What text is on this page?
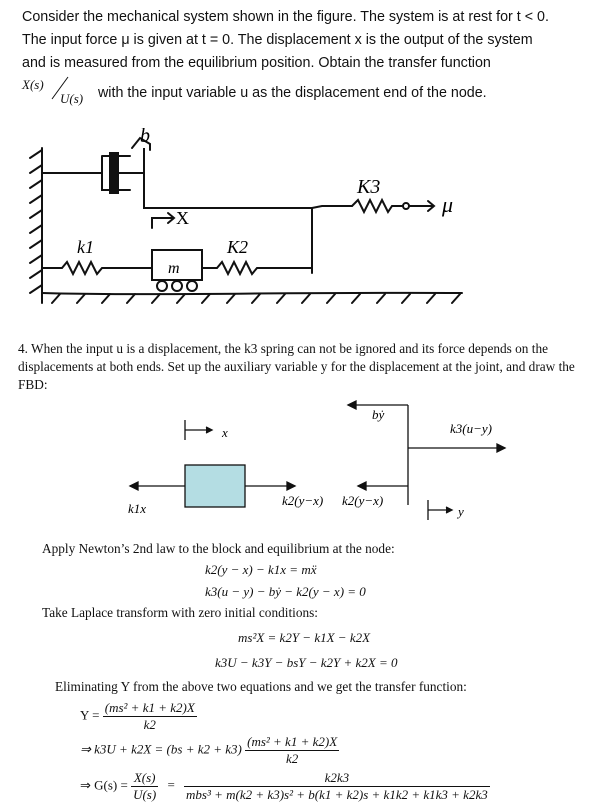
Consider the mechanical system shown in the figure. The system is at rest for t < 0.

The input force μ is given at t = 0. The displacement x is the output of the system

and is measured from the equilibrium position. Obtain the transfer function

X(s)
U(s) with the input variable u as the displacement end of the node.

b
K3
μ
X
k1
m
K2
4. When the input u is a displacement, the k3 spring can not be ignored and its force depends on the displacements at both ends. Set up the auxiliary variable y for the displacement at the joint, and draw the FBD:
bẏ
k3(u−y)
x
y
k1x
k2(y−x) k2(y−x)
Apply Newton’s 2nd law to the block and equilibrium at the node:
k2(y − x) − k1x = mẍ
k3(u − y) − bẏ − k2(y − x) = 0
Take Laplace transform with zero initial conditions:
ms²X = k2Y − k1X − k2X
k3U − k3Y − bsY − k2Y + k2X = 0
Eliminating Y from the above two equations and we get the transfer function:
$Y = \frac{\text{(ms² + k1 + k2)X}}{k2}$
⇒ $k3U + k2X = (bs + k2 + k3) \frac{\text{(ms² + k1 + k2)X}}{k2}$
⇒ $G(s) = \frac{X(s)}{U(s)} = \frac{k2k3}{\text{mbs³ + m(k2 + k3)s² + b(k1 + k2)s + k1k2 + k1k3 + k2k3}}$
